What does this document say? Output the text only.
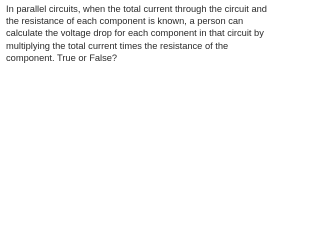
In parallel circuits, when the total current through the circuit and
the resistance of each component is known, a person can
calculate the voltage drop for each component in that circuit by
multiplying the total current times the resistance of the
component. True or False?
